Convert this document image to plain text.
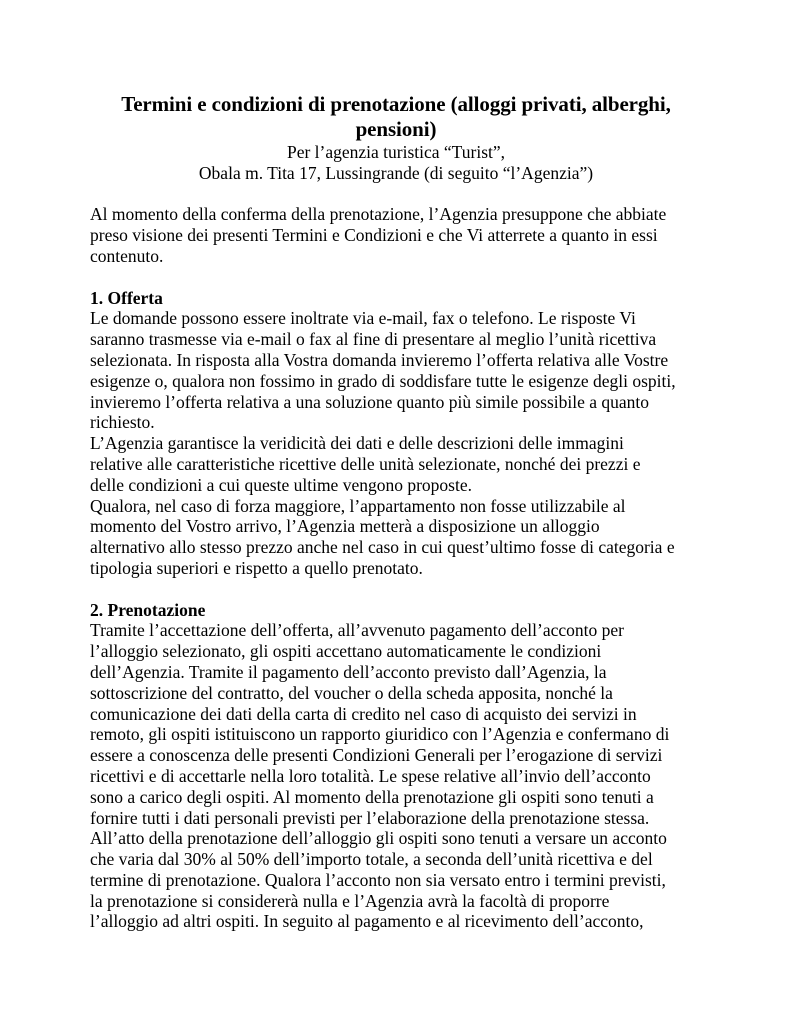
Termini e condizioni di prenotazione (alloggi privati, alberghi,
pensioni)
Per l’agenzia turistica “Turist”,
Obala m. Tita 17, Lussingrande (di seguito “l’Agenzia”)
Al momento della conferma della prenotazione, l’Agenzia presuppone che abbiate
preso visione dei presenti Termini e Condizioni e che Vi atterrete a quanto in essi
contenuto.
1. Offerta
Le domande possono essere inoltrate via e-mail, fax o telefono. Le risposte Vi
saranno trasmesse via e-mail o fax al fine di presentare al meglio l’unità ricettiva
selezionata. In risposta alla Vostra domanda invieremo l’offerta relativa alle Vostre
esigenze o, qualora non fossimo in grado di soddisfare tutte le esigenze degli ospiti,
invieremo l’offerta relativa a una soluzione quanto più simile possibile a quanto
richiesto.
L’Agenzia garantisce la veridicità dei dati e delle descrizioni delle immagini
relative alle caratteristiche ricettive delle unità selezionate, nonché dei prezzi e
delle condizioni a cui queste ultime vengono proposte.
Qualora, nel caso di forza maggiore, l’appartamento non fosse utilizzabile al
momento del Vostro arrivo, l’Agenzia metterà a disposizione un alloggio
alternativo allo stesso prezzo anche nel caso in cui quest’ultimo fosse di categoria e
tipologia superiori e rispetto a quello prenotato.
2. Prenotazione
Tramite l’accettazione dell’offerta, all’avvenuto pagamento dell’acconto per
l’alloggio selezionato, gli ospiti accettano automaticamente le condizioni
dell’Agenzia. Tramite il pagamento dell’acconto previsto dall’Agenzia, la
sottoscrizione del contratto, del voucher o della scheda apposita, nonché la
comunicazione dei dati della carta di credito nel caso di acquisto dei servizi in
remoto, gli ospiti istituiscono un rapporto giuridico con l’Agenzia e confermano di
essere a conoscenza delle presenti Condizioni Generali per l’erogazione di servizi
ricettivi e di accettarle nella loro totalità. Le spese relative all’invio dell’acconto
sono a carico degli ospiti. Al momento della prenotazione gli ospiti sono tenuti a
fornire tutti i dati personali previsti per l’elaborazione della prenotazione stessa.
All’atto della prenotazione dell’alloggio gli ospiti sono tenuti a versare un acconto
che varia dal 30% al 50% dell’importo totale, a seconda dell’unità ricettiva e del
termine di prenotazione. Qualora l’acconto non sia versato entro i termini previsti,
la prenotazione si considererà nulla e l’Agenzia avrà la facoltà di proporre
l’alloggio ad altri ospiti. In seguito al pagamento e al ricevimento dell’acconto,
